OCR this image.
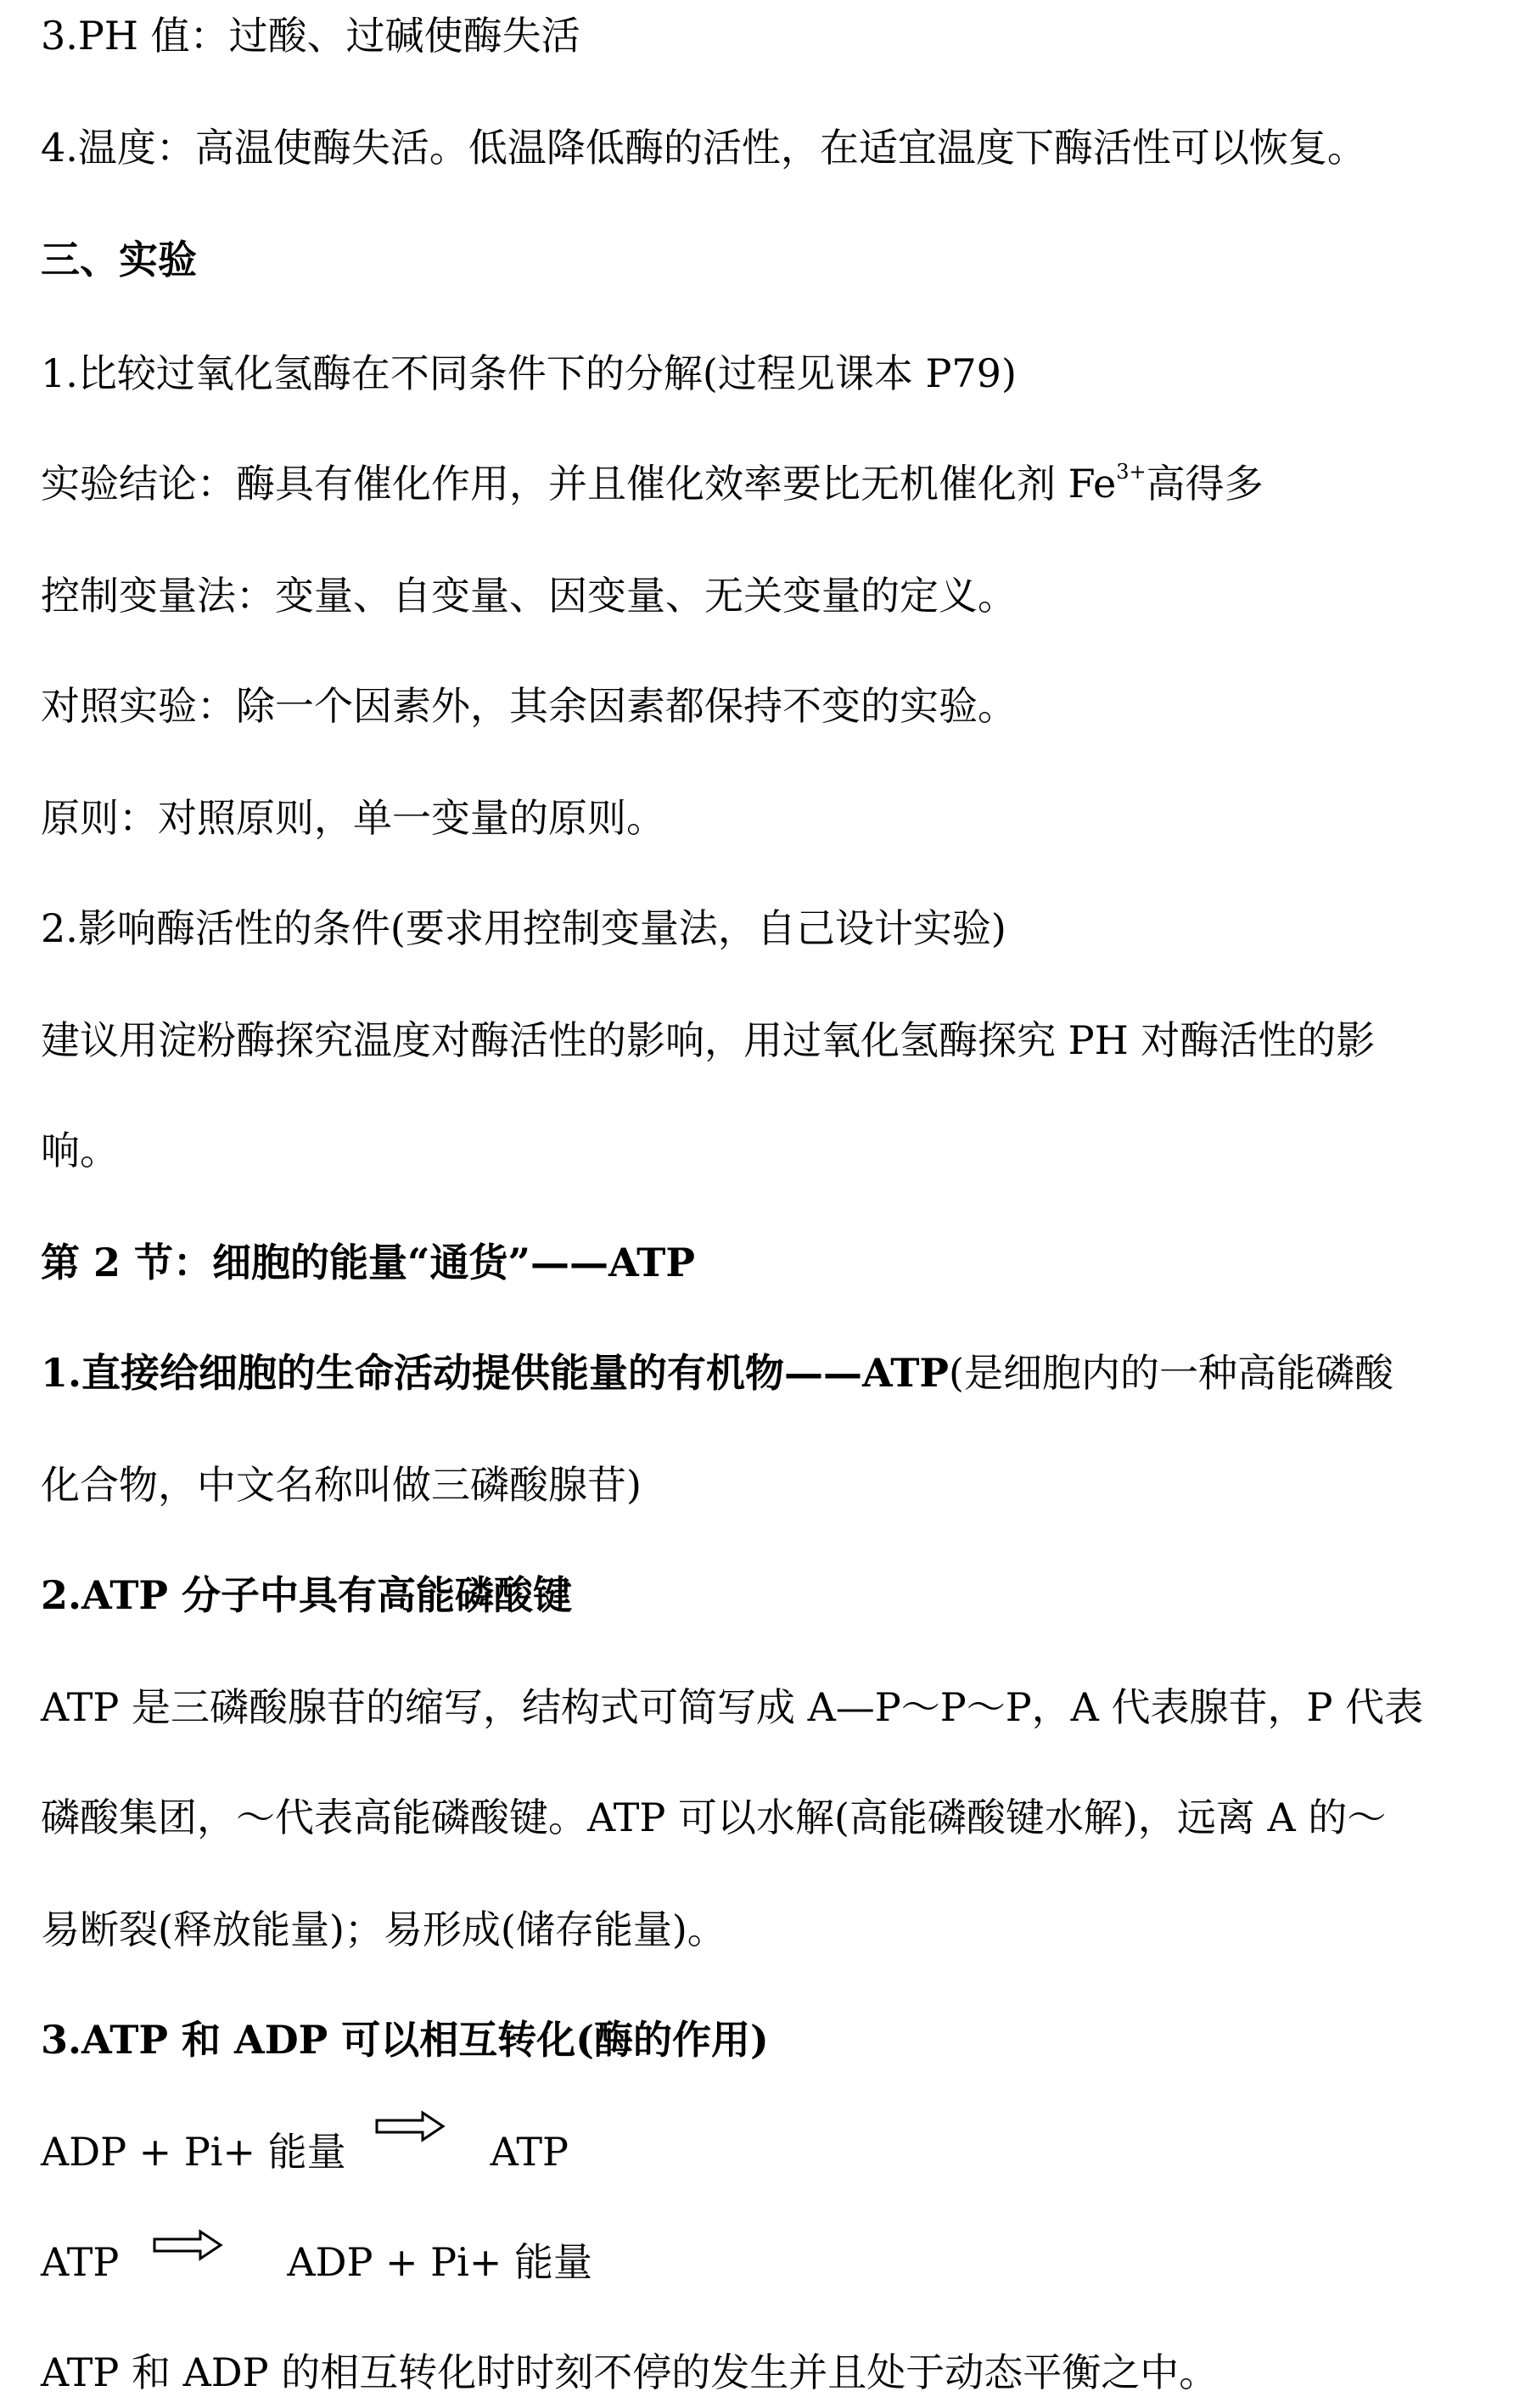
3.PH 值：过酸、过碱使酶失活
4.温度：高温使酶失活。低温降低酶的活性，在适宜温度下酶活性可以恢复。
三、实验
1.比较过氧化氢酶在不同条件下的分解(过程见课本 P79)
实验结论：酶具有催化作用，并且催化效率要比无机催化剂 $Fe^{3+}$高得多
控制变量法：变量、自变量、因变量、无关变量的定义。
对照实验：除一个因素外，其余因素都保持不变的实验。
原则：对照原则，单一变量的原则。
2.影响酶活性的条件(要求用控制变量法，自己设计实验)
建议用淀粉酶探究温度对酶活性的影响，用过氧化氢酶探究 PH 对酶活性的影
响。
第 2 节：细胞的能量“通货”——ATP
1.直接给细胞的生命活动提供能量的有机物——ATP(是细胞内的一种高能磷酸
化合物，中文名称叫做三磷酸腺苷)
2.ATP 分子中具有高能磷酸键
ATP 是三磷酸腺苷的缩写，结构式可简写成 A—P～P～P，A 代表腺苷，P 代表
磷酸集团，～代表高能磷酸键。ATP 可以水解(高能磷酸键水解)，远离 A 的～
易断裂(释放能量)；易形成(储存能量)。
3.ATP 和 ADP 可以相互转化(酶的作用)
ADP + Pi+ 能量	ATP
ATP	ADP + Pi+ 能量
ATP 和 ADP 的相互转化时时刻不停的发生并且处于动态平衡之中。
